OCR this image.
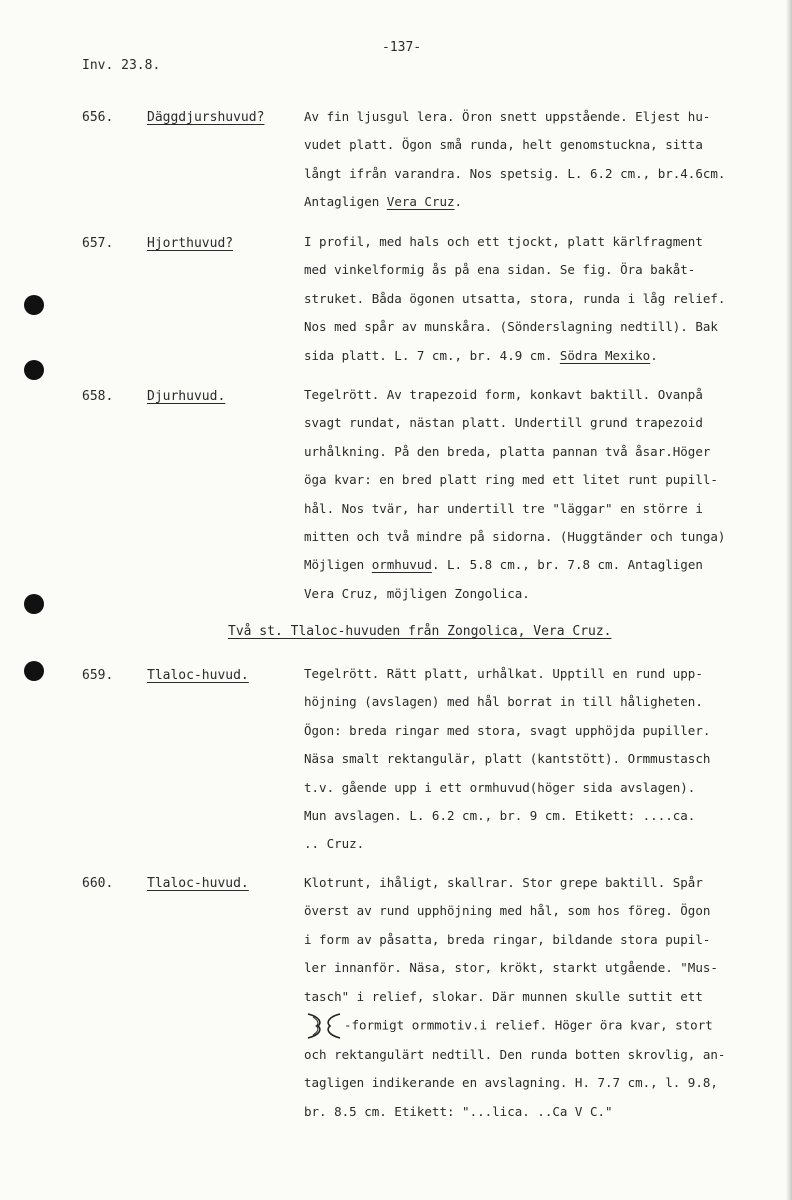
-137-
Inv. 23.8.
656.	Däggdjurshuvud?	Av fin ljusgul lera. Öron snett uppstående. Eljest hu-
vudet platt. Ögon små runda, helt genomstuckna, sitta
långt ifrån varandra. Nos spetsig. L. 6.2 cm., br.4.6cm.
Antagligen Vera Cruz.
657.	Hjorthuvud?	I profil, med hals och ett tjockt, platt kärlfragment
med vinkelformig ås på ena sidan. Se fig. Öra bakåt-
struket. Båda ögonen utsatta, stora, runda i låg relief.
Nos med spår av munskåra. (Sönderslagning nedtill). Bak
sida platt. L. 7 cm., br. 4.9 cm. Södra Mexiko.
658.	Djurhuvud.	Tegelrött. Av trapezoid form, konkavt baktill. Ovanpå
svagt rundat, nästan platt. Undertill grund trapezoid
urhålkning. På den breda, platta pannan två åsar.Höger
öga kvar: en bred platt ring med ett litet runt pupill-
hål. Nos tvär, har undertill tre "läggar" en större i
mitten och två mindre på sidorna. (Huggtänder och tunga)
Möjligen ormhuvud. L. 5.8 cm., br. 7.8 cm. Antagligen
Vera Cruz, möjligen Zongolica.
Två st. Tlaloc-huvuden från Zongolica, Vera Cruz.
659.	Tlaloc-huvud.	Tegelrött. Rätt platt, urhålkat. Upptill en rund upp-
höjning (avslagen) med hål borrat in till håligheten.
Ögon: breda ringar med stora, svagt upphöjda pupiller.
Näsa smalt rektangulär, platt (kantstött). Ormmustasch
t.v. gående upp i ett ormhuvud(höger sida avslagen).
Mun avslagen. L. 6.2 cm., br. 9 cm. Etikett: ....ca.
.. Cruz.
660.	Tlaloc-huvud.	Klotrunt, ihåligt, skallrar. Stor grepe baktill. Spår
överst av rund upphöjning med hål, som hos föreg. Ögon
i form av påsatta, breda ringar, bildande stora pupil-
ler innanför. Näsa, stor, krökt, starkt utgående. "Mus-
tasch" i relief, slokar. Där munnen skulle suttit ett
-formigt ormmotiv.i relief. Höger öra kvar, stort
och rektangulärt nedtill. Den runda botten skrovlig, an-
tagligen indikerande en avslagning. H. 7.7 cm., l. 9.8,
br. 8.5 cm. Etikett: "...lica. ..Ca V C."
